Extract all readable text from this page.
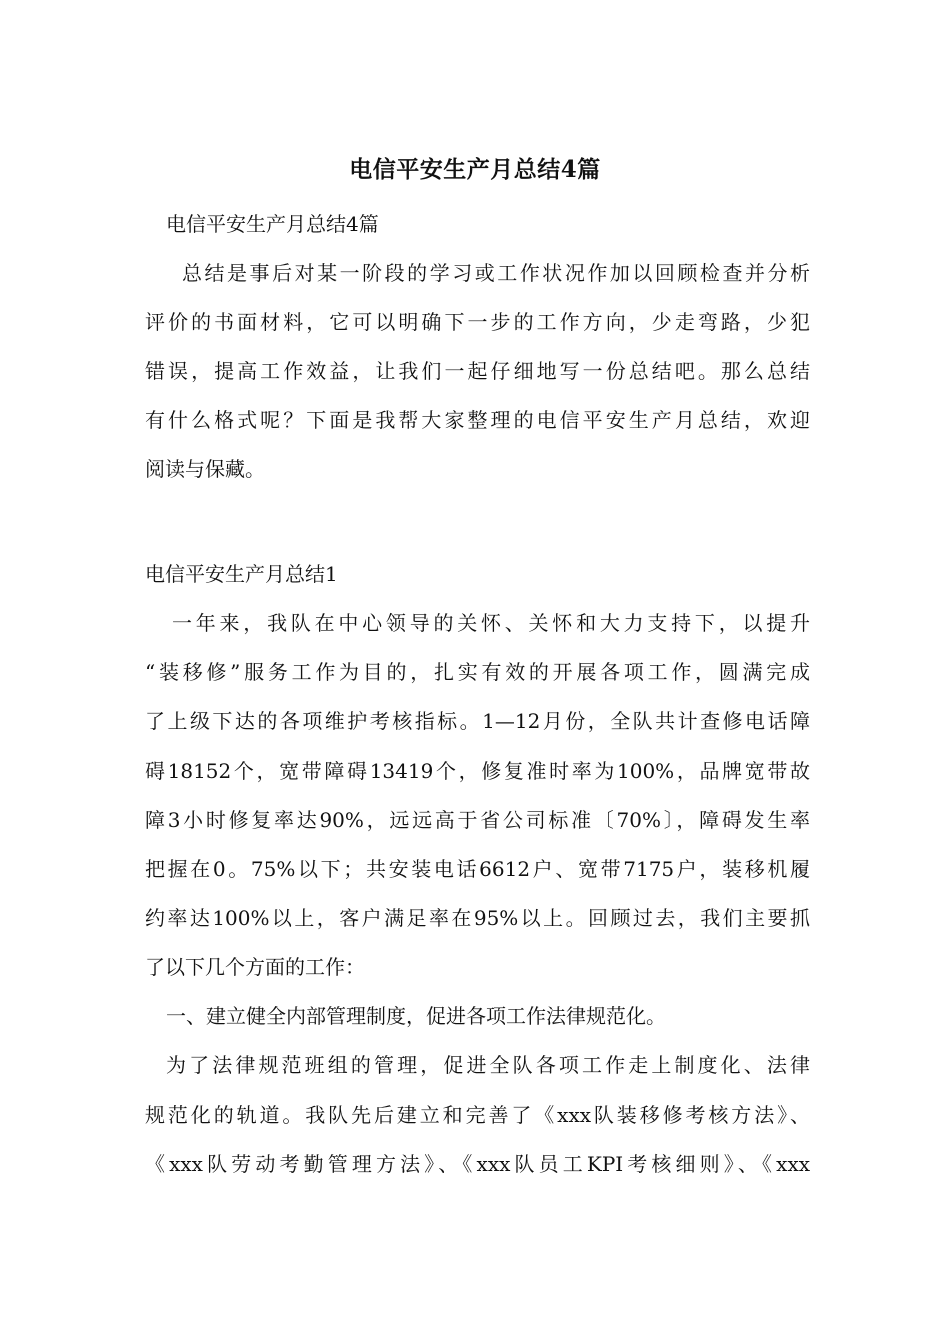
电信平安生产月总结4篇
电信平安生产月总结4篇
总结是事后对某一阶段的学习或工作状况作加以回顾检查并分析
评价的书面材料，它可以明确下一步的工作方向，少走弯路，少犯
错误，提高工作效益，让我们一起仔细地写一份总结吧。那么总结
有什么格式呢？下面是我帮大家整理的电信平安生产月总结，欢迎
阅读与保藏。
电信平安生产月总结1
一年来，我队在中心领导的关怀、关怀和大力支持下，以提升
“装移修”服务工作为目的，扎实有效的开展各项工作，圆满完成
了上级下达的各项维护考核指标。1—12月份，全队共计查修电话障
碍18152个，宽带障碍13419个，修复准时率为100%，品牌宽带故
障3小时修复率达90%，远远高于省公司标准〔70%〕，障碍发生率
把握在0。75%以下；共安装电话6612户、宽带7175户，装移机履
约率达100%以上，客户满足率在95%以上。回顾过去，我们主要抓
了以下几个方面的工作：
一、建立健全内部管理制度，促进各项工作法律规范化。
为了法律规范班组的管理，促进全队各项工作走上制度化、法律
规范化的轨道。我队先后建立和完善了《xxx队装移修考核方法》、
《xxx队劳动考勤管理方法》、《xxx队员工KPI考核细则》、《xxx
